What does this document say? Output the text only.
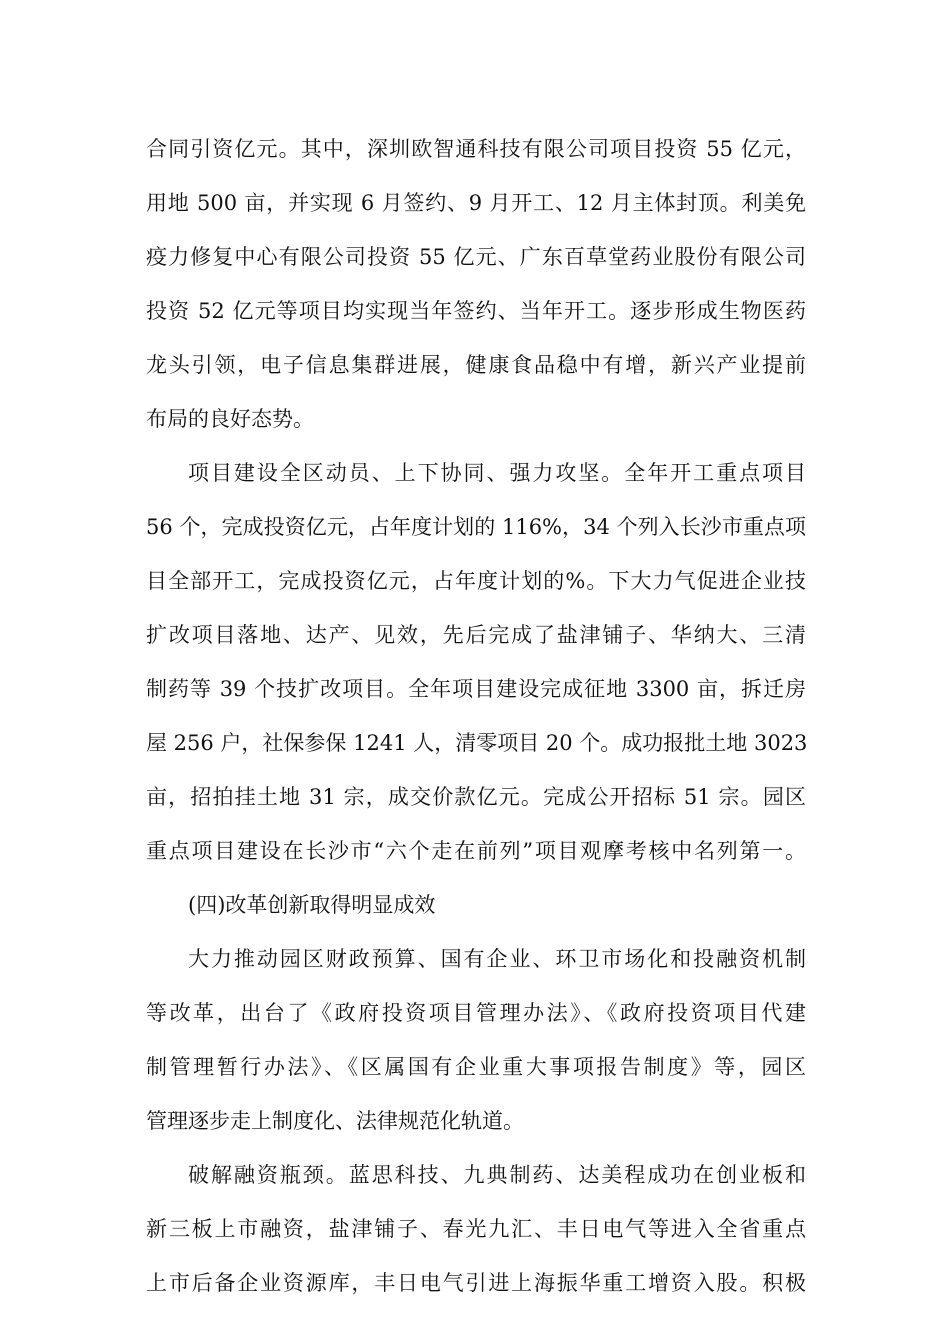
合同引资亿元。其中，深圳欧智通科技有限公司项目投资 55 亿元，
用地 500 亩，并实现 6 月签约、9 月开工、12 月主体封顶。利美免
疫力修复中心有限公司投资 55 亿元、广东百草堂药业股份有限公司
投资 52 亿元等项目均实现当年签约、当年开工。逐步形成生物医药
龙头引领，电子信息集群进展，健康食品稳中有增，新兴产业提前
布局的良好态势。
项目建设全区动员、上下协同、强力攻坚。全年开工重点项目
56 个，完成投资亿元，占年度计划的 116%，34 个列入长沙市重点项
目全部开工，完成投资亿元，占年度计划的%。下大力气促进企业技
扩改项目落地、达产、见效，先后完成了盐津铺子、华纳大、三清
制药等 39 个技扩改项目。全年项目建设完成征地 3300 亩，拆迁房
屋 256 户，社保参保 1241 人，清零项目 20 个。成功报批土地 3023
亩，招拍挂土地 31 宗，成交价款亿元。完成公开招标 51 宗。园区
重点项目建设在长沙市“六个走在前列”项目观摩考核中名列第一。
(四)改革创新取得明显成效
大力推动园区财政预算、国有企业、环卫市场化和投融资机制
等改革，出台了《政府投资项目管理办法》、《政府投资项目代建
制管理暂行办法》、《区属国有企业重大事项报告制度》等，园区
管理逐步走上制度化、法律规范化轨道。
破解融资瓶颈。蓝思科技、九典制药、达美程成功在创业板和
新三板上市融资，盐津铺子、春光九汇、丰日电气等进入全省重点
上市后备企业资源库，丰日电气引进上海振华重工增资入股。积极
